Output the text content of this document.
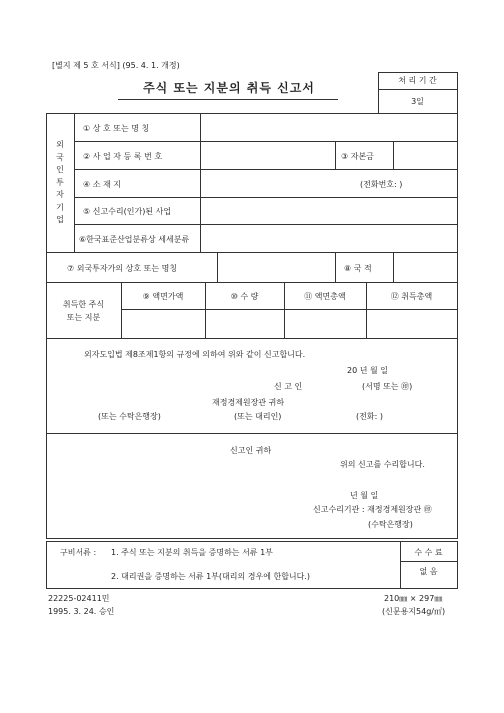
[별지 제 5 호 서식] (95. 4. 1. 개정)
주식 또는 지분의 취득 신고서
처 리 기 간
3일
외
국
인
투
자
기
업
① 상 호 또는 명 칭
② 사 업 자 등 록 번 호	③ 자본금
④ 소 재 지	(전화번호: )
⑤ 신고수리(인가)된 사업
⑥한국표준산업분류상 세세분류
⑦ 외국투자가의 상호 또는 명칭	⑧ 국 적
취득한 주식
또는 지분
⑨ 액면가액	⑩ 수 량	⑪ 액면총액	⑫ 취득총액
외자도입법 제8조제1항의 규정에 의하여 위와 같이 신고합니다.
20 년 월 일
신 고 인	(서명 또는 ㊞)
재정경제원장관 귀하
(또는 수탁은행장)	(또는 대리인)	(전화: )
신고인 귀하
위의 신고를 수리합니다.
년 월 일
신고수리기관 : 재정경제원장관 ㊞
(수탁은행장)
구비서류 : 1. 주식 또는 지분의 취득을 증명하는 서류 1부
2. 대리권을 증명하는 서류 1부(대리의 경우에 한합니다.)
수 수 료
없 음
22225-02411민
1995. 3. 24. 승인
210㎜ × 297㎜
(신문용지54g/㎡)
